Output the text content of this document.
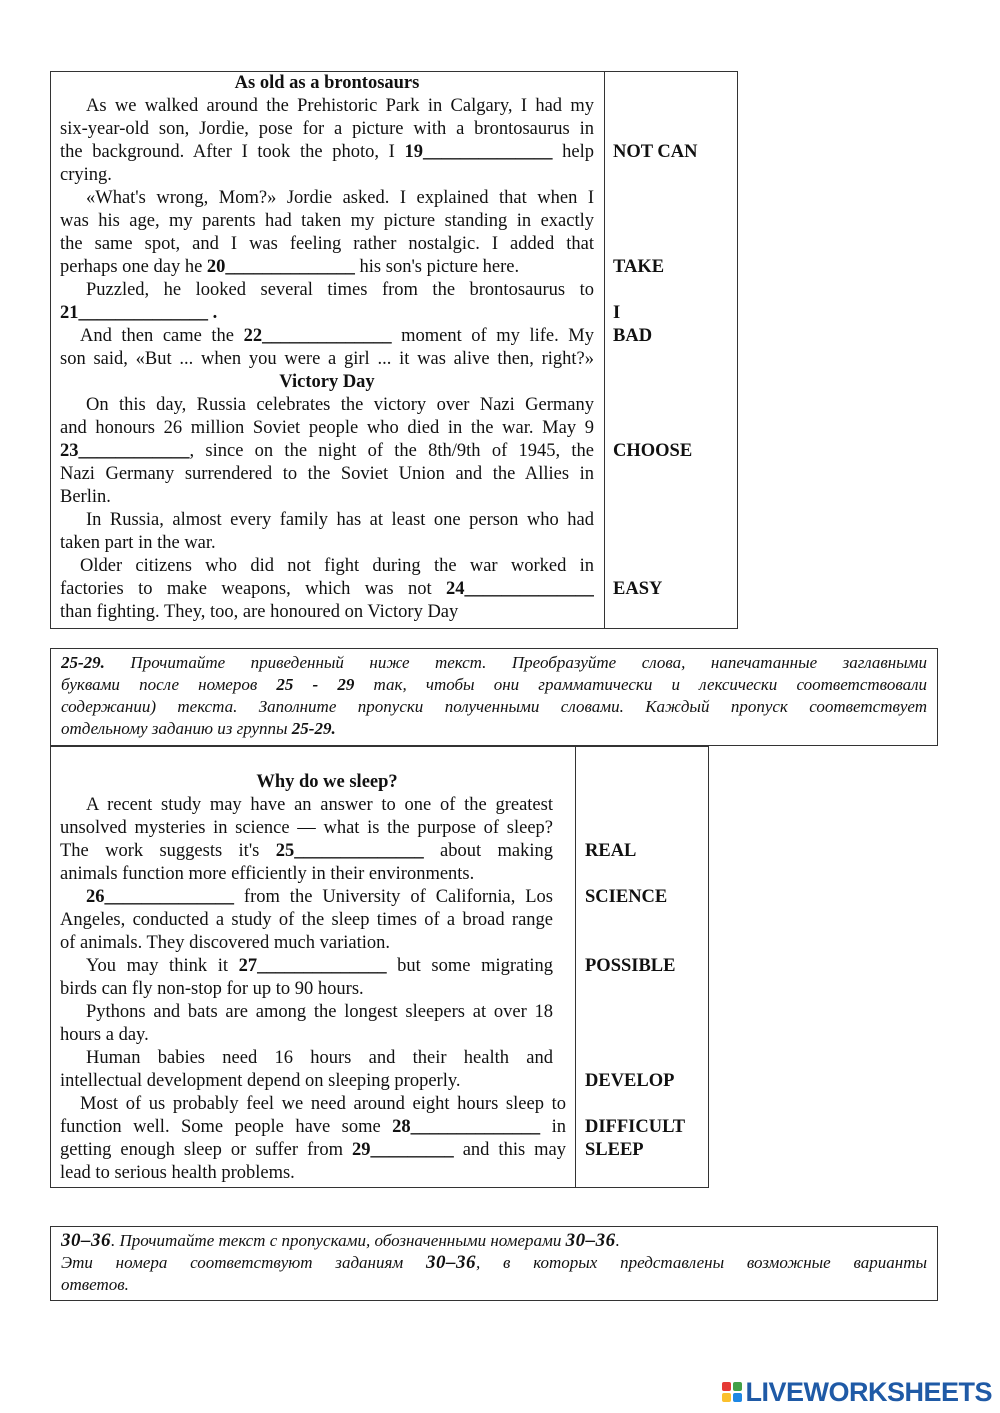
As old as a brontosaurs
As we walked around the Prehistoric Park in Calgary, I had my
six-year-old son, Jordie, pose for a picture with a brontosaurus in
the background. After I took the photo, I 19______________ help
crying.
«What's wrong, Mom?» Jordie asked. I explained that when I
was his age, my parents had taken my picture standing in exactly
the same spot, and I was feeling rather nostalgic. I added that
perhaps one day he 20______________ his son's picture here.
Puzzled, he looked several times from the brontosaurus to
21______________ .
And then came the 22______________ moment of my life. My
son said, «But ... when you were a girl ... it was alive then, right?»
Victory Day
On this day, Russia celebrates the victory over Nazi Germany
and honours 26 million Soviet people who died in the war. May 9
23____________, since on the night of the 8th/9th of 1945, the
Nazi Germany surrendered to the Soviet Union and the Allies in
Berlin.
In Russia, almost every family has at least one person who had
taken part in the war.
Older citizens who did not fight during the war worked in
factories to make weapons, which was not 24______________
than fighting. They, too, are honoured on Victory Day
NOT CAN
TAKE
I
BAD
CHOOSE
EASY
25-29. Прочитайте приведенный ниже текст. Преобразуйте слова, напечатанные заглавными
буквами после номеров 25 - 29 так, чтобы они грамматически и лексически соответствовали
содержании) текста. Заполните пропуски полученными словами. Каждый пропуск соответствует
отдельному заданию из группы 25-29.
Why do we sleep?
A recent study may have an answer to one of the greatest
unsolved mysteries in science — what is the purpose of sleep?
The work suggests it's 25______________ about making
animals function more efficiently in their environments.
26______________ from the University of California, Los
Angeles, conducted a study of the sleep times of a broad range
of animals. They discovered much variation.
You may think it 27______________ but some migrating
birds can fly non-stop for up to 90 hours.
Pythons and bats are among the longest sleepers at over 18
hours a day.
Human babies need 16 hours and their health and
intellectual development depend on sleeping properly.
Most of us probably feel we need around eight hours sleep to
function well. Some people have some 28______________ in
getting enough sleep or suffer from 29_________ and this may
lead to serious health problems.
REAL
SCIENCE
POSSIBLE
DEVELOP
DIFFICULT
SLEEP
30–36. Прочитайте текст с пропусками, обозначенными номерами 30–36.
Эти номера соответствуют заданиям 30–36, в которых представлены возможные варианты
ответов.
LIVEWORKSHEETS
